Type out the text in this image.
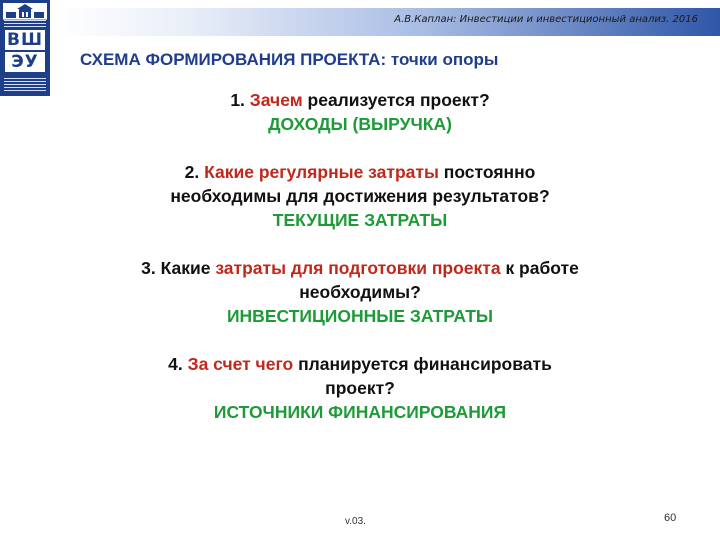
ВШ
ЭУ
А.В.Каплан: Инвестиции и инвестиционный анализ. 2016
СХЕМА ФОРМИРОВАНИЯ ПРОЕКТА: точки опоры
1. Зачем реализуется проект?
ДОХОДЫ (ВЫРУЧКА)
2. Какие регулярные затраты постоянно
необходимы для достижения результатов?
ТЕКУЩИЕ ЗАТРАТЫ
3. Какие затраты для подготовки проекта к работе
необходимы?
ИНВЕСТИЦИОННЫЕ ЗАТРАТЫ
4. За счет чего планируется финансировать
проект?
ИСТОЧНИКИ ФИНАНСИРОВАНИЯ
v.03.	60
